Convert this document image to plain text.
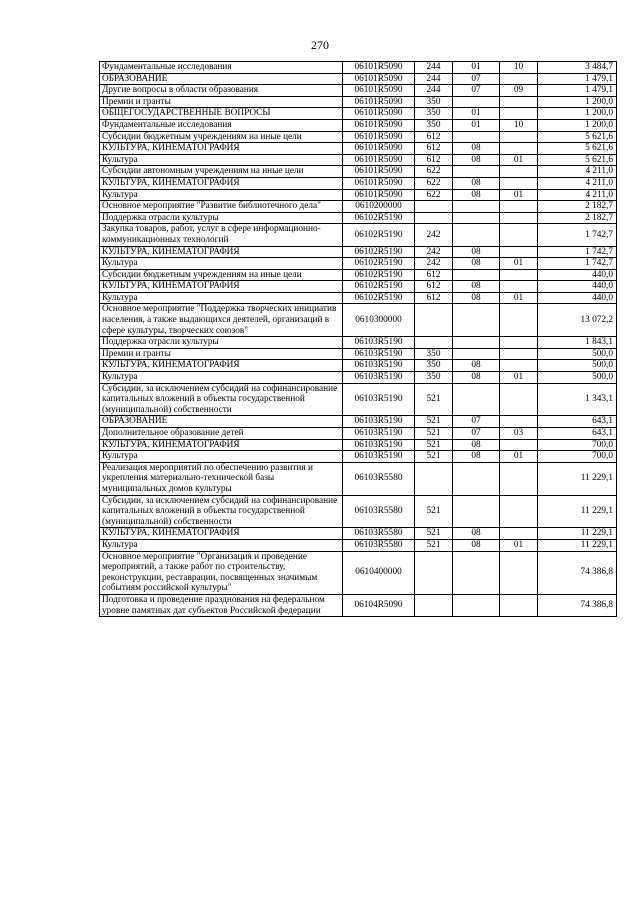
270
Фундаментальные исследования	06101R5090	244	01	10	3 484,7
ОБРАЗОВАНИЕ	06101R5090	244	07		1 479,1
Другие вопросы в области образования	06101R5090	244	07	09	1 479,1
Премии и гранты	06101R5090	350			1 200,0
ОБЩЕГОСУДАРСТВЕННЫЕ ВОПРОСЫ	06101R5090	350	01		1 200,0
Фундаментальные исследования	06101R5090	350	01	10	1 200,0
Субсидии бюджетным учреждениям на иные цели	06101R5090	612			5 621,6
КУЛЬТУРА, КИНЕМАТОГРАФИЯ	06101R5090	612	08		5 621,6
Культура	06101R5090	612	08	01	5 621,6
Субсидии автономным учреждениям на иные цели	06101R5090	622			4 211,0
КУЛЬТУРА, КИНЕМАТОГРАФИЯ	06101R5090	622	08		4 211,0
Культура	06101R5090	622	08	01	4 211,0
Основное мероприятие "Развитие библиотечного дела"	0610200000				2 182,7
Поддержка отрасли культуры	06102R5190				2 182,7
Закупка товаров, работ, услуг в сфере информационно-коммуникационных технологий	06102R5190	242			1 742,7
КУЛЬТУРА, КИНЕМАТОГРАФИЯ	06102R5190	242	08		1 742,7
Культура	06102R5190	242	08	01	1 742,7
Субсидии бюджетным учреждениям на иные цели	06102R5190	612			440,0
КУЛЬТУРА, КИНЕМАТОГРАФИЯ	06102R5190	612	08		440,0
Культура	06102R5190	612	08	01	440,0
Основное мероприятие "Поддержка творческих инициатив населения, а также выдающихся деятелей, организаций в сфере культуры, творческих союзов"	0610300000				13 072,2
Поддержка отрасли культуры	06103R5190				1 843,1
Премии и гранты	06103R5190	350			500,0
КУЛЬТУРА, КИНЕМАТОГРАФИЯ	06103R5190	350	08		500,0
Культура	06103R5190	350	08	01	500,0
Субсидии, за исключением субсидий на софинансирование капитальных вложений в объекты государственной (муниципальной) собственности	06103R5190	521			1 343,1
ОБРАЗОВАНИЕ	06103R5190	521	07		643,1
Дополнительное образование детей	06103R5190	521	07	03	643,1
КУЛЬТУРА, КИНЕМАТОГРАФИЯ	06103R5190	521	08		700,0
Культура	06103R5190	521	08	01	700,0
Реализация мероприятий по обеспечению развития и укрепления материально-технической базы муниципальных домов культуры	06103R5580				11 229,1
Субсидии, за исключением субсидий на софинансирование капитальных вложений в объекты государственной (муниципальной) собственности	06103R5580	521			11 229,1
КУЛЬТУРА, КИНЕМАТОГРАФИЯ	06103R5580	521	08		11 229,1
Культура	06103R5580	521	08	01	11 229,1
Основное мероприятие "Организация и проведение мероприятий, а также работ по строительству, реконструкции, реставрации, посвященных значимым событиям российской культуры"	0610400000				74 386,8
Подготовка и проведение празднования на федеральном уровне памятных дат субъектов Российской федерации	06104R5090				74 386,8
